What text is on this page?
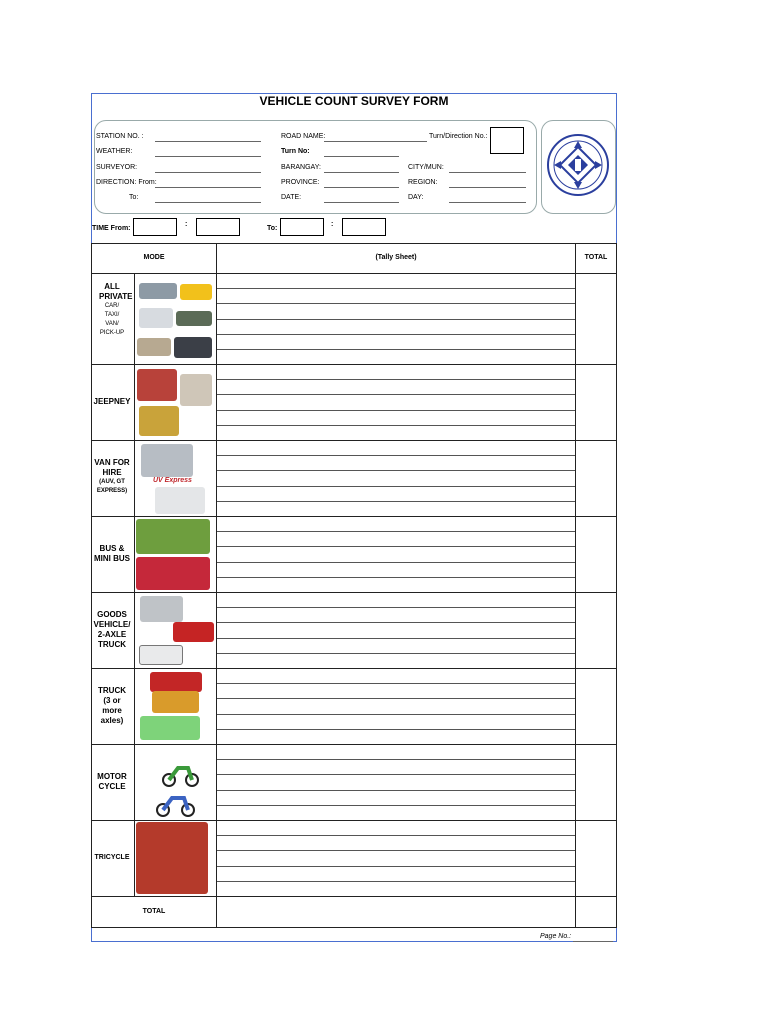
VEHICLE COUNT SURVEY FORM
STATION NO. :
WEATHER:
SURVEYOR:
DIRECTION: From:
To:
ROAD NAME:	Turn/Direction No.:
Turn No:
BARANGAY:	CITY/MUN:
PROVINCE:	REGION:
DATE:	DAY:
TIME From:
:
To:
:
MODE	(Tally Sheet)	TOTAL
ALL PRIVATE
CAR/ TAXI/ VAN/ PICK-UP
JEEPNEY
VAN FOR HIRE
(AUV, GT EXPRESS)
BUS & MINI BUS
GOODS VEHICLE/ 2-AXLE TRUCK
TRUCK (3 or more axles)
MOTOR CYCLE
TRICYCLE
UV Express
TOTAL
Page No.:
